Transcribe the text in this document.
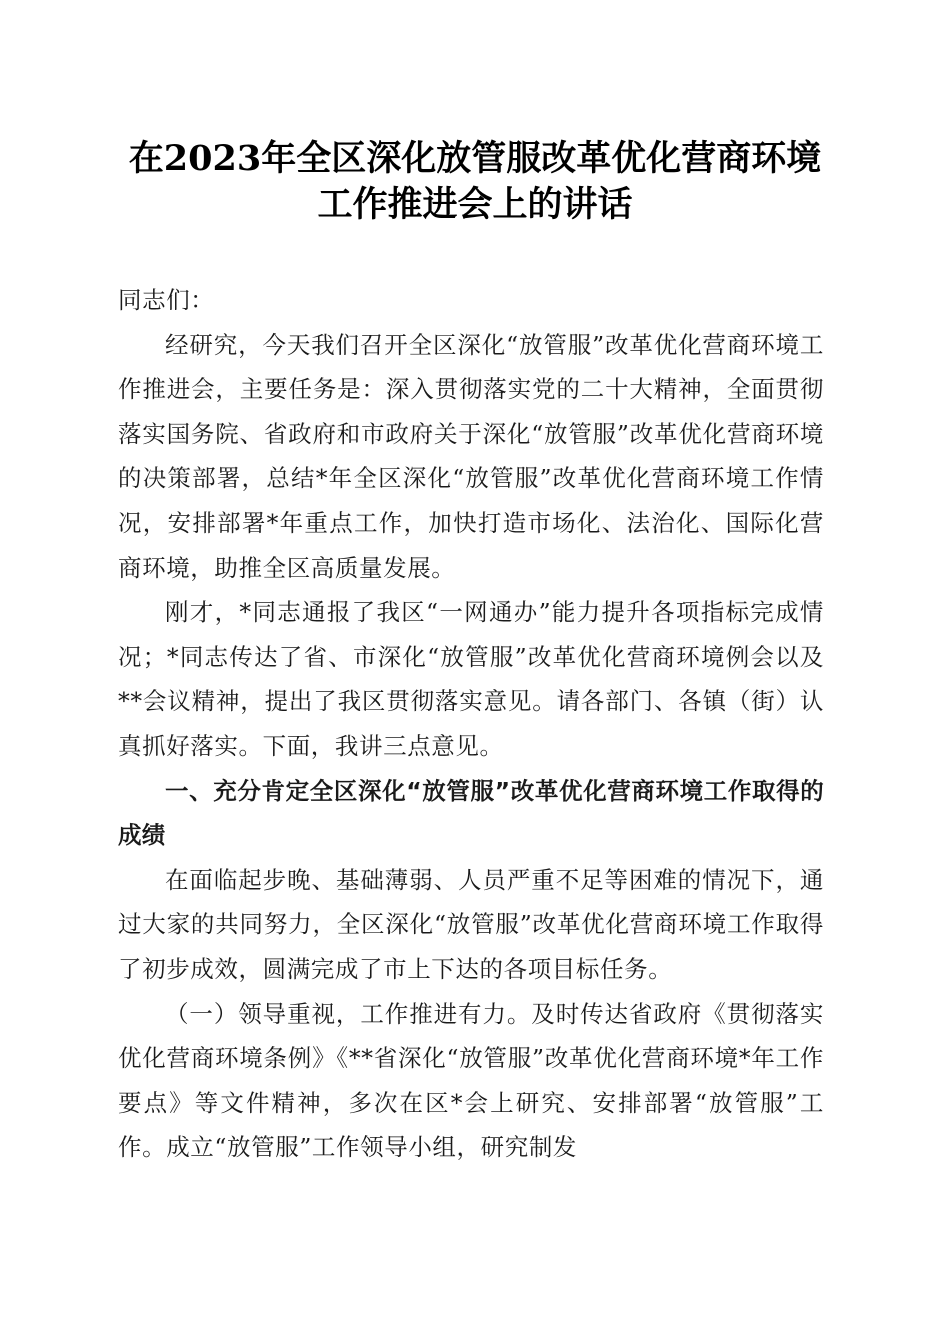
在2023年全区深化放管服改革优化营商环境
工作推进会上的讲话

同志们：

经研究，今天我们召开全区深化“放管服”改革优化营商环境工作推进会，主要任务是：深入贯彻落实党的二十大精神，全面贯彻落实国务院、省政府和市政府关于深化“放管服”改革优化营商环境的决策部署，总结*年全区深化“放管服”改革优化营商环境工作情况，安排部署*年重点工作，加快打造市场化、法治化、国际化营商环境，助推全区高质量发展。

刚才，*同志通报了我区“一网通办”能力提升各项指标完成情况；*同志传达了省、市深化“放管服”改革优化营商环境例会以及**会议精神，提出了我区贯彻落实意见。请各部门、各镇（街）认真抓好落实。下面，我讲三点意见。

一、充分肯定全区深化“放管服”改革优化营商环境工作取得的成绩

在面临起步晚、基础薄弱、人员严重不足等困难的情况下，通过大家的共同努力，全区深化“放管服”改革优化营商环境工作取得了初步成效，圆满完成了市上下达的各项目标任务。

（一）领导重视，工作推进有力。及时传达省政府《贯彻落实优化营商环境条例》《**省深化“放管服”改革优化营商环境*年工作要点》等文件精神，多次在区*会上研究、安排部署“放管服”工作。成立“放管服”工作领导小组，研究制发
